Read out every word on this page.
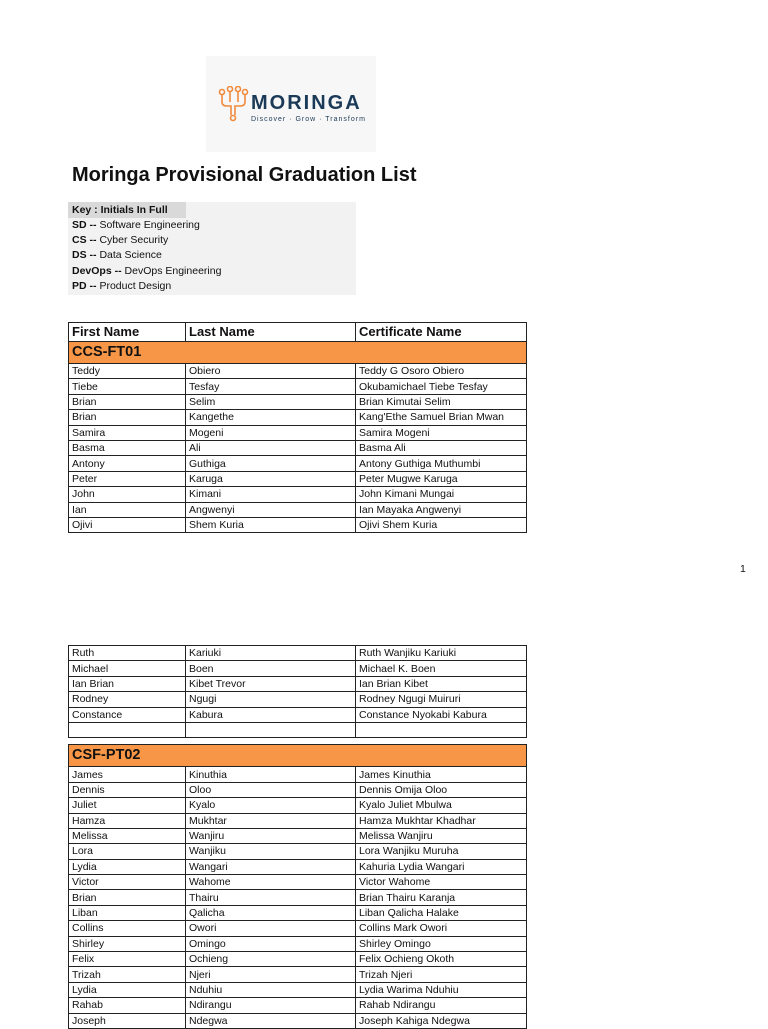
MORINGA
Discover · Grow · Transform
Moringa Provisional Graduation List
Key : Initials In Full
SD -- Software Engineering
CS -- Cyber Security
DS -- Data Science
DevOps -- DevOps Engineering
PD -- Product Design
First Name	Last Name	Certificate Name
CCS-FT01		
Teddy	Obiero	Teddy G Osoro Obiero
Tiebe	Tesfay	Okubamichael Tiebe Tesfay
Brian	Selim	Brian Kimutai Selim
Brian	Kangethe	Kang'Ethe Samuel Brian Mwan
Samira	Mogeni	Samira Mogeni
Basma	Ali	Basma Ali
Antony	Guthiga	Antony Guthiga Muthumbi
Peter	Karuga	Peter Mugwe Karuga
John	Kimani	John Kimani Mungai
Ian	Angwenyi	Ian Mayaka Angwenyi
Ojivi	Shem Kuria	Ojivi Shem Kuria
1
Ruth	Kariuki	Ruth Wanjiku Kariuki
Michael	Boen	Michael K. Boen
Ian Brian	Kibet Trevor	Ian Brian Kibet
Rodney	Ngugi	Rodney Ngugi Muiruri
Constance	Kabura	Constance Nyokabi Kabura

CSF-PT02		
James	Kinuthia	James Kinuthia
Dennis	Oloo	Dennis Omija Oloo
Juliet	Kyalo	Kyalo Juliet Mbulwa
Hamza	Mukhtar	Hamza Mukhtar Khadhar
Melissa	Wanjiru	Melissa Wanjiru
Lora	Wanjiku	Lora Wanjiku Muruha
Lydia	Wangari	Kahuria Lydia Wangari
Victor	Wahome	Victor Wahome
Brian	Thairu	Brian Thairu Karanja
Liban	Qalicha	Liban Qalicha Halake
Collins	Owori	Collins Mark Owori
Shirley	Omingo	Shirley Omingo
Felix	Ochieng	Felix Ochieng Okoth
Trizah	Njeri	Trizah Njeri
Lydia	Nduhiu	Lydia Warima Nduhiu
Rahab	Ndirangu	Rahab Ndirangu
Joseph	Ndegwa	Joseph Kahiga Ndegwa
